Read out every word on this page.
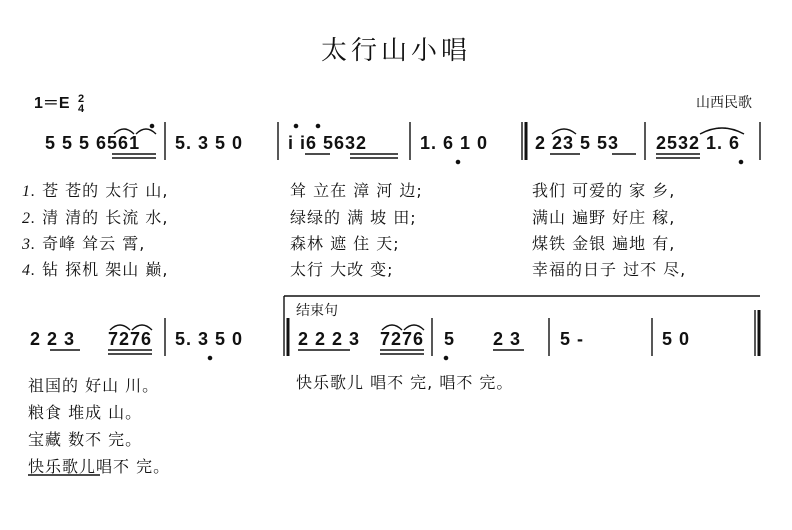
太行山小唱
1＝E 2
4	山西民歌
5 5 5 6561 5. 3 5 0 i i6 5632	1. 6 1 0	2 23 5 53 2532 1. 6
1. 苍 苍的 太行 山,	耸 立在 漳 河 边;	我们 可爱的 家 乡,
2. 清 清的 长流 水,	绿绿的 满 坡 田;	满山 遍野 好庄 稼,
3. 奇峰 耸云 霄,	森林 遮 住 天;	煤铁 金银 遍地 有,
4. 钻 探机 架山 巅,	太行 大改 变;	幸福的日子 过不 尽,
结束句
2 2 3 7276 5. 3 5 0	2 2 2 3 7276 5 2 3 5 -	5 0
祖国的 好山 川。
粮食 堆成 山。
宝藏 数不 完。
快乐歌儿唱不 完。
快乐歌儿 唱不 完, 唱不 完。
